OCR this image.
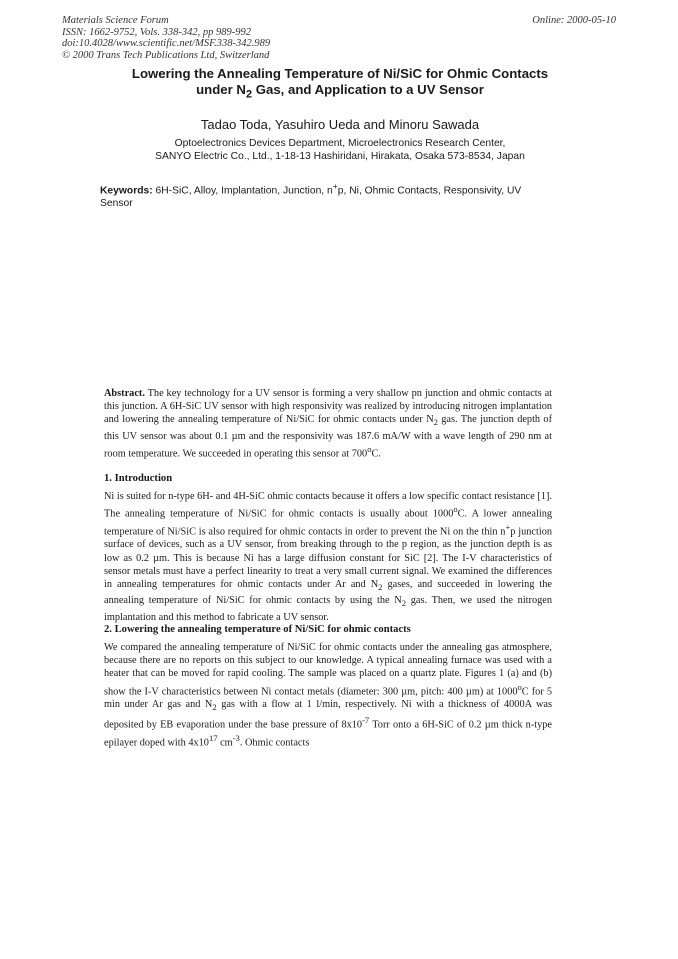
Materials Science Forum
ISSN: 1662-9752, Vols. 338-342, pp 989-992
doi:10.4028/www.scientific.net/MSF.338-342.989
© 2000 Trans Tech Publications Ltd, Switzerland
Online: 2000-05-10
Lowering the Annealing Temperature of Ni/SiC for Ohmic Contacts
under $N_2$ Gas, and Application to a UV Sensor
Tadao Toda, Yasuhiro Ueda and Minoru Sawada
Optoelectronics Devices Department, Microelectronics Research Center,
SANYO Electric Co., Ltd., 1-18-13 Hashiridani, Hirakata, Osaka 573-8534, Japan
Keywords: 6H-SiC, Alloy, Implantation, Junction, n+p, Ni, Ohmic Contacts, Responsivity, UV Sensor
Abstract. The key technology for a UV sensor is forming a very shallow pn junction and ohmic contacts at this junction. A 6H-SiC UV sensor with high responsivity was realized by introducing nitrogen implantation and lowering the annealing temperature of Ni/SiC for ohmic contacts under $N_2$ gas. The junction depth of this UV sensor was about 0.1 µm and the responsivity was 187.6 mA/W with a wave length of 290 nm at room temperature. We succeeded in operating this sensor at 700$^o$C.
1. Introduction
Ni is suited for n-type 6H- and 4H-SiC ohmic contacts because it offers a low specific contact resistance [1]. The annealing temperature of Ni/SiC for ohmic contacts is usually about 1000$^o$C. A lower annealing temperature of Ni/SiC is also required for ohmic contacts in order to prevent the Ni on the thin n+p junction surface of devices, such as a UV sensor, from breaking through to the p region, as the junction depth is as low as 0.2 µm. This is because Ni has a large diffusion constant for SiC [2]. The I-V characteristics of sensor metals must have a perfect linearity to treat a very small current signal. We examined the differences in annealing temperatures for ohmic contacts under Ar and $N_2$ gases, and succeeded in lowering the annealing temperature of Ni/SiC for ohmic contacts by using the $N_2$ gas. Then, we used the nitrogen implantation and this method to fabricate a UV sensor.
2. Lowering the annealing temperature of Ni/SiC for ohmic contacts
We compared the annealing temperature of Ni/SiC for ohmic contacts under the annealing gas atmosphere, because there are no reports on this subject to our knowledge. A typical annealing furnace was used with a heater that can be moved for rapid cooling. The sample was placed on a quartz plate. Figures 1 (a) and (b) show the I-V characteristics between Ni contact metals (diameter: 300 µm, pitch: 400 µm) at 1000$^o$C for 5 min under Ar gas and $N_2$ gas with a flow at 1 l/min, respectively. Ni with a thickness of 4000A was deposited by EB evaporation under the base pressure of $8x10^{-7}$ Torr onto a 6H-SiC of 0.2 µm thick n-type epilayer doped with $4x10^{17}$ $cm^{-3}$. Ohmic contacts
